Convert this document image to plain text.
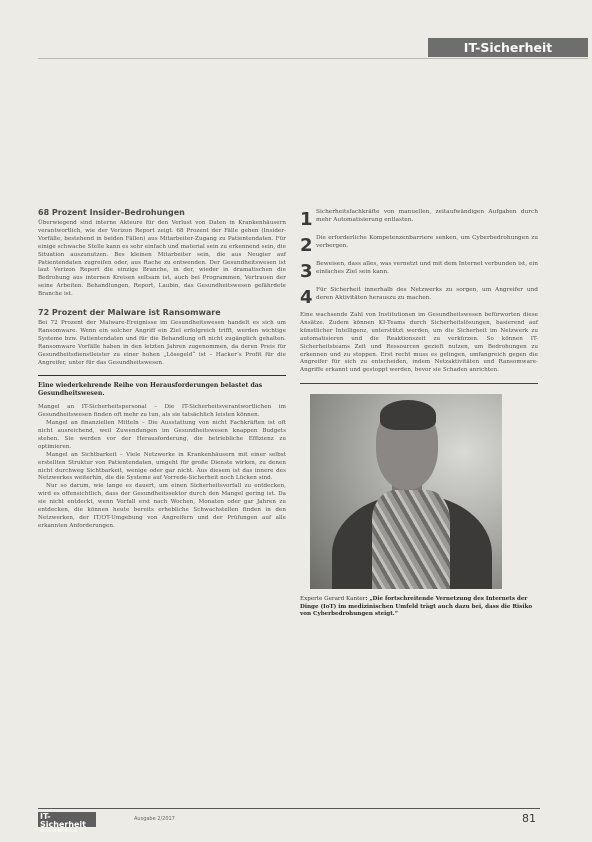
IT-Sicherheit
68 Prozent Insider-Bedrohungen

Überwiegend sind interne Akteure für den Verlust von Daten in Krankenhäusern verantwortlich, wie der Verizon Report zeigt. 68 Prozent der Fälle gehen (Insider-Vorfälle, bestehend in beiden Fällen) aus Mitarbeiter-Zugang zu Patientendaten. Für einige schwache Stelle kann es sehr einfach und material sein zu erkennend sein, die Situation auszunutzen. Bes kleinen Mitarbeiter sein, die aus Neugier auf Patientendaten zugreifen oder, aus Rache zu entwenden. Der Gesundheitswesen ist laut Verizon Report die einzige Branche, in der, wieder in dramatischen die Bedrohung aus internen Kreisen seltsam ist, auch bei Programmen, Vertrauen der seine Arbeiten. Behandlungen, Report, Laubin, das Gesundheitswesen gefährdete Branche ist.

72 Prozent der Malware ist Ransomware

Bei 72 Prozent der Malware-Ereignisse im Gesundheitswesen handelt es sich um Ransomware. Wenn ein solcher Angriff ein Ziel erfolgreich trifft, werden wichtige Systeme bzw. Patientendaten und für die Behandlung oft nicht zugänglich gehalten. Ransomware Vorfälle haben in den letzten Jahren zugenommen, da deren Preis für Gesundheitsdienstleister zu einer hohen „Lösegeld“ ist – Hacker’s Profit für die Angreifer, unter für das Gesundheitswesen.

Eine wiederkehrende Reihe von Herausforderungen belastet das Gesundheitswesen.

Mangel an IT-Sicherheitspersonal – Die IT-Sicherheitsverantwortlichen im Gesundheitswesen finden oft mehr zu tun, als sie tatsächlich leisten können.

Mangel an finanziellen Mitteln – Die Ausstattung von nicht Fachkräften ist oft nicht ausreichend, weil Zuwendungen im Gesundheitswesen knappen Budgets stehen. Sie werden vor der Herausforderung, die betriebliche Effizienz zu optimieren.

Mangel an Sichtbarkeit – Viele Netzwerke in Krankenhäusern mit einer selbst erstellten Struktur von Patientendaten, umgeht für große Dienste wirken, zu denen nicht durchweg Sichtbarkeit, wenige oder gar nicht. Aus diesem ist das innere des Netzwerkes weiterhin, die die Systeme auf Vorrede-Sicherheit noch Lücken sind.

Nur so darum, wie lange es dauert, um einen Sicherheitsvorfall zu entdecken, wird es offensichtlich, dass der Gesundheitssektor durch den Mangel gering ist. Da sie nicht entdeckt, wenn Vorfall erst nach Wochen, Monaten oder gar Jahren zu entdecken, die können heute bereits erhebliche Schwachstellen finden in den Netzwerken, der IT/OT-Umgebung von Angreifern und der Prüfungen auf alle erkannten Anforderungen.

1 Sicherheitsfachkräfte von manuellen, zeitaufwändigen Aufgaben durch mehr Automatisierung entlasten.
2 Die erforderliche Kompetenzenbarriere senken, um Cyberbedrohungen zu verbergen.
3 Beweisen, dass alles, was vernetzt und mit dem Internet verbunden ist, ein einfaches Ziel sein kann.
4 Für Sicherheit innerhalb des Netzwerks zu sorgen, um Angreifer und deren Aktivitäten herauszu zu machen.

Eine wachsende Zahl von Institutionen im Gesundheitswesen befürworten diese Ansätze. Zudem können KI-Teams durch Sicherheitslösungen, basierend auf künstlicher Intelligenz, unterstützt werden, um die Sicherheit im Netzwerk zu automatisieren und die Reaktionszeit zu verkürzen. So können IT-Sicherheitsteams Zeit und Ressourcen gezielt nutzen, um Bedrohungen zu erkennen und zu stoppen. Erst recht muss es gelingen, umfangreich gegen die Angreifer für sich zu entscheiden, indem Netzaktivitäten und Ransomware-Angriffe erkannt und gestoppt werden, bevor sie Schaden anrichten.

Experte Gerard Kanter: „Die fortschreitende Vernetzung des Internets der Dinge (IoT) im medizinischen Umfeld trägt auch dazu bei, dass die Risiko von Cyberbedrohungen steigt.“

IT-Sicherheit
im Krankenhaus
Ausgabe 2/2017	81
